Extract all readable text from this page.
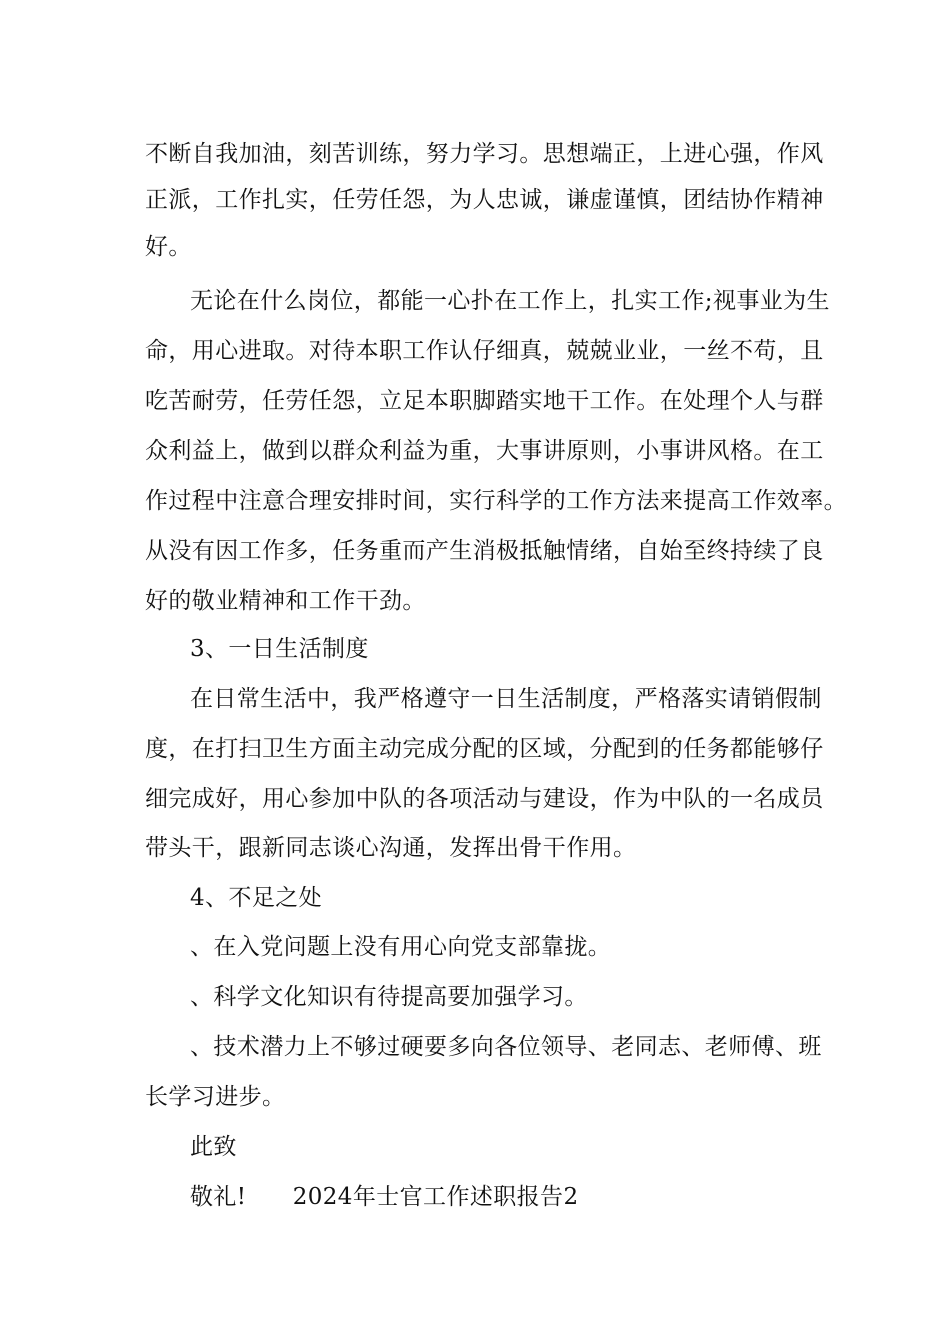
不断自我加油，刻苦训练，努力学习。思想端正，上进心强，作风
正派，工作扎实，任劳任怨，为人忠诚，谦虚谨慎，团结协作精神
好。
无论在什么岗位，都能一心扑在工作上，扎实工作;视事业为生
命，用心进取。对待本职工作认仔细真，兢兢业业，一丝不苟，且
吃苦耐劳，任劳任怨，立足本职脚踏实地干工作。在处理个人与群
众利益上，做到以群众利益为重，大事讲原则，小事讲风格。在工
作过程中注意合理安排时间，实行科学的工作方法来提高工作效率。
从没有因工作多，任务重而产生消极抵触情绪，自始至终持续了良
好的敬业精神和工作干劲。
3、一日生活制度
在日常生活中，我严格遵守一日生活制度，严格落实请销假制
度，在打扫卫生方面主动完成分配的区域，分配到的任务都能够仔
细完成好，用心参加中队的各项活动与建设，作为中队的一名成员
带头干，跟新同志谈心沟通，发挥出骨干作用。
4、不足之处
、在入党问题上没有用心向党支部靠拢。
、科学文化知识有待提高要加强学习。
、技术潜力上不够过硬要多向各位领导、老同志、老师傅、班
长学习进步。
此致
敬礼!      2024年士官工作述职报告2
